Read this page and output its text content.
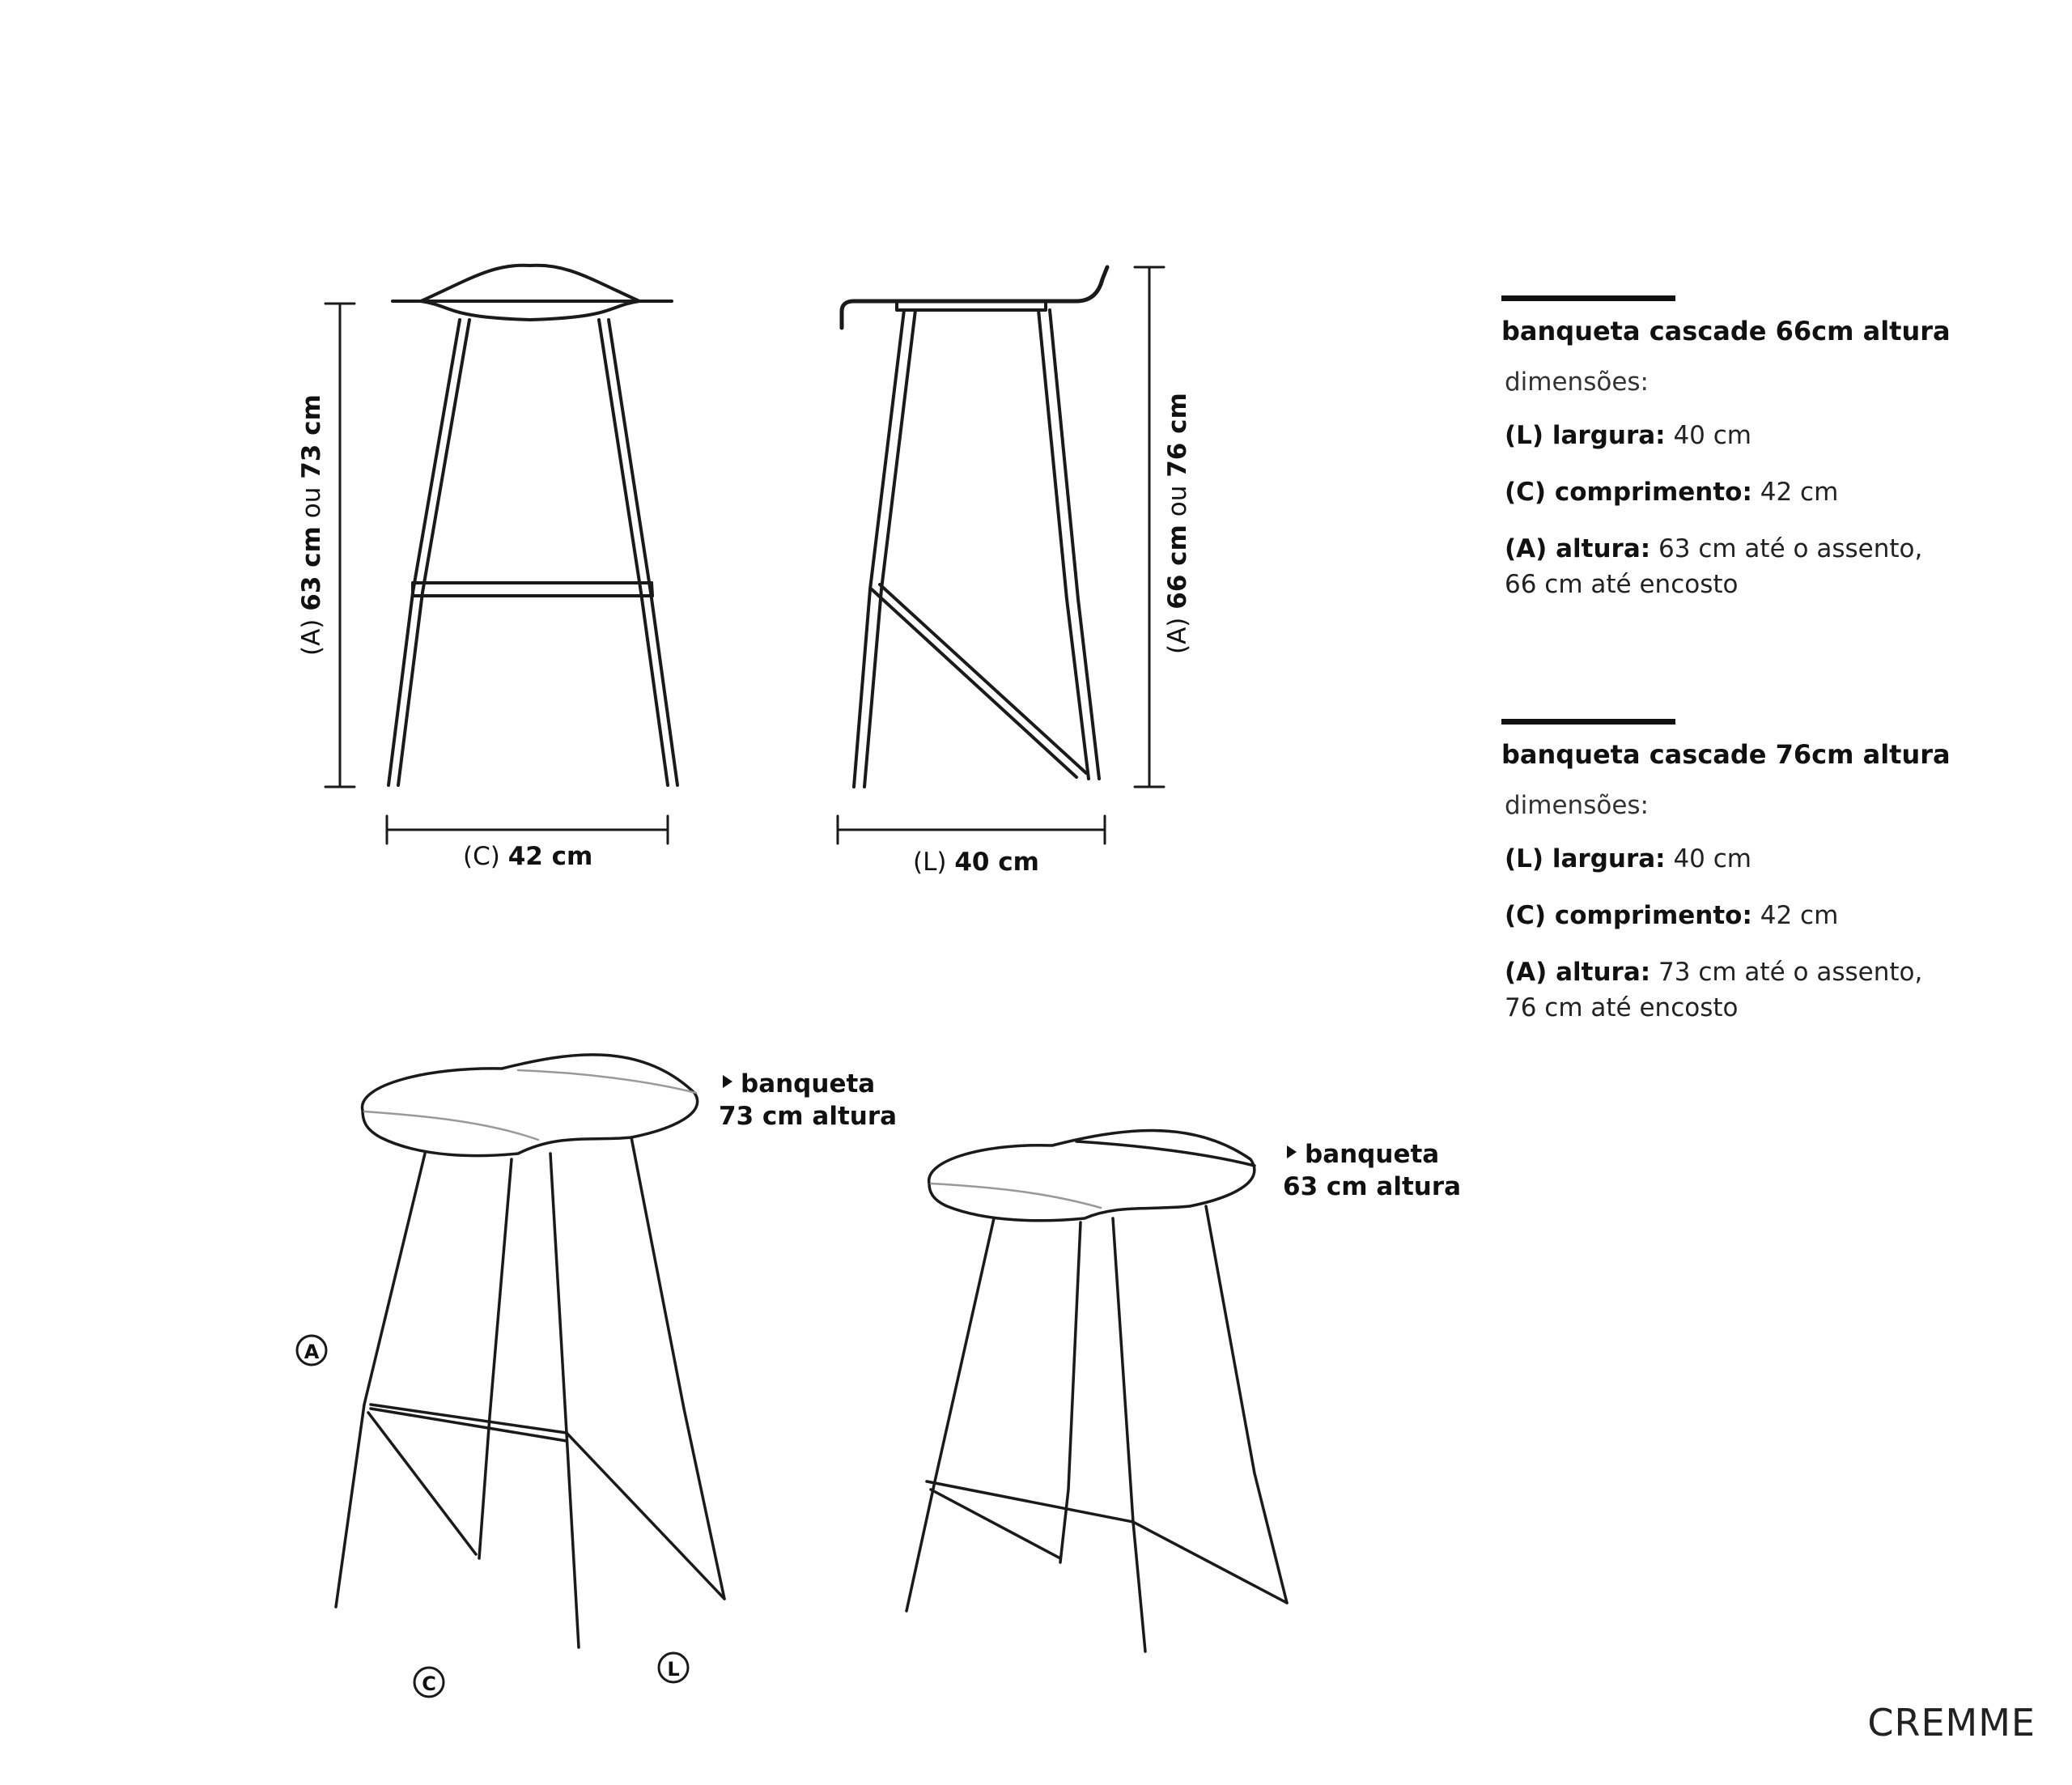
(A) 63 cm ou 73 cm
(C) 42 cm
(A) 66 cm ou 76 cm
(L) 40 cm
banqueta
73 cm altura
banqueta
63 cm altura
A
C
L
banqueta cascade 66cm altura
dimensões:
(L) largura: 40 cm
(C) comprimento: 42 cm
(A) altura: 63 cm até o assento,
66 cm até encosto
banqueta cascade 76cm altura
dimensões:
(L) largura: 40 cm
(C) comprimento: 42 cm
(A) altura: 73 cm até o assento,
76 cm até encosto
CREMME
